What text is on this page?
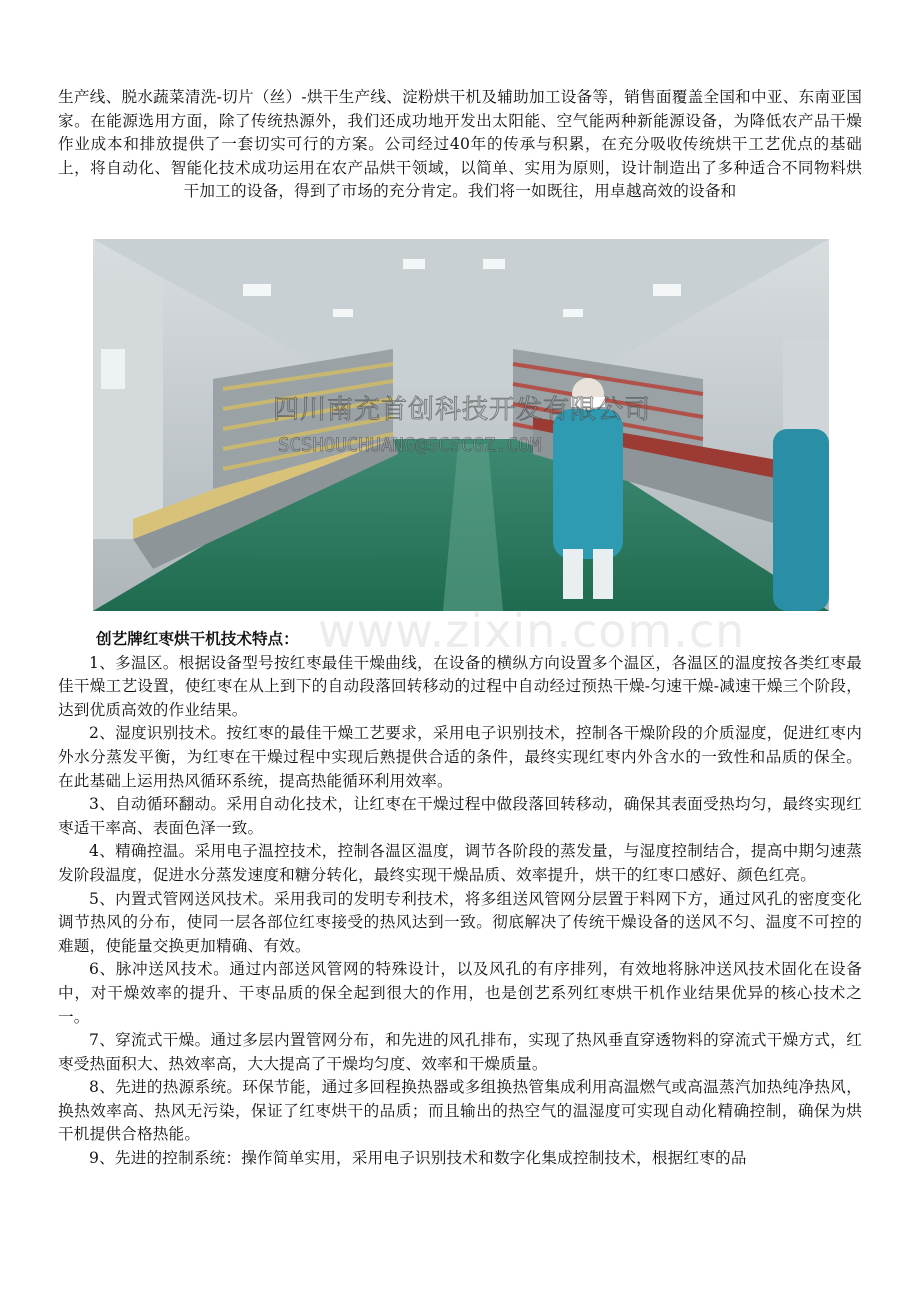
生产线、脱水蔬菜清洗-切片（丝）-烘干生产线、淀粉烘干机及辅助加工设备等，销售面覆盖全国和中亚、东南亚国家。在能源选用方面，除了传统热源外，我们还成功地开发出太阳能、空气能两种新能源设备，为降低农产品干燥作业成本和排放提供了一套切实可行的方案。公司经过40年的传承与积累，在充分吸收传统烘干工艺优点的基础上，将自动化、智能化技术成功运用在农产品烘干领域，以简单、实用为原则，设计制造出了多种适合不同物料烘干加工的设备，得到了市场的充分肯定。我们将一如既往，用卓越高效的设备和

四川南充首创科技开发有限公司
SCSHOUCHUANG@SCSCGZ.COM
www.zixin.com.cn
创艺牌红枣烘干机技术特点：

1、多温区。根据设备型号按红枣最佳干燥曲线，在设备的横纵方向设置多个温区，各温区的温度按各类红枣最佳干燥工艺设置，使红枣在从上到下的自动段落回转移动的过程中自动经过预热干燥-匀速干燥-减速干燥三个阶段，达到优质高效的作业结果。

2、湿度识别技术。按红枣的最佳干燥工艺要求，采用电子识别技术，控制各干燥阶段的介质湿度，促进红枣内外水分蒸发平衡，为红枣在干燥过程中实现后熟提供合适的条件，最终实现红枣内外含水的一致性和品质的保全。在此基础上运用热风循环系统，提高热能循环利用效率。

3、自动循环翻动。采用自动化技术，让红枣在干燥过程中做段落回转移动，确保其表面受热均匀，最终实现红枣适干率高、表面色泽一致。

4、精确控温。采用电子温控技术，控制各温区温度，调节各阶段的蒸发量，与湿度控制结合，提高中期匀速蒸发阶段温度，促进水分蒸发速度和糖分转化，最终实现干燥品质、效率提升，烘干的红枣口感好、颜色红亮。

5、内置式管网送风技术。采用我司的发明专利技术，将多组送风管网分层置于料网下方，通过风孔的密度变化调节热风的分布，使同一层各部位红枣接受的热风达到一致。彻底解决了传统干燥设备的送风不匀、温度不可控的难题，使能量交换更加精确、有效。

6、脉冲送风技术。通过内部送风管网的特殊设计，以及风孔的有序排列，有效地将脉冲送风技术固化在设备中，对干燥效率的提升、干枣品质的保全起到很大的作用，也是创艺系列红枣烘干机作业结果优异的核心技术之一。

7、穿流式干燥。通过多层内置管网分布，和先进的风孔排布，实现了热风垂直穿透物料的穿流式干燥方式，红枣受热面积大、热效率高，大大提高了干燥均匀度、效率和干燥质量。

8、先进的热源系统。环保节能，通过多回程换热器或多组换热管集成利用高温燃气或高温蒸汽加热纯净热风，换热效率高、热风无污染，保证了红枣烘干的品质；而且输出的热空气的温湿度可实现自动化精确控制，确保为烘干机提供合格热能。

9、先进的控制系统：操作简单实用，采用电子识别技术和数字化集成控制技术，根据红枣的品
